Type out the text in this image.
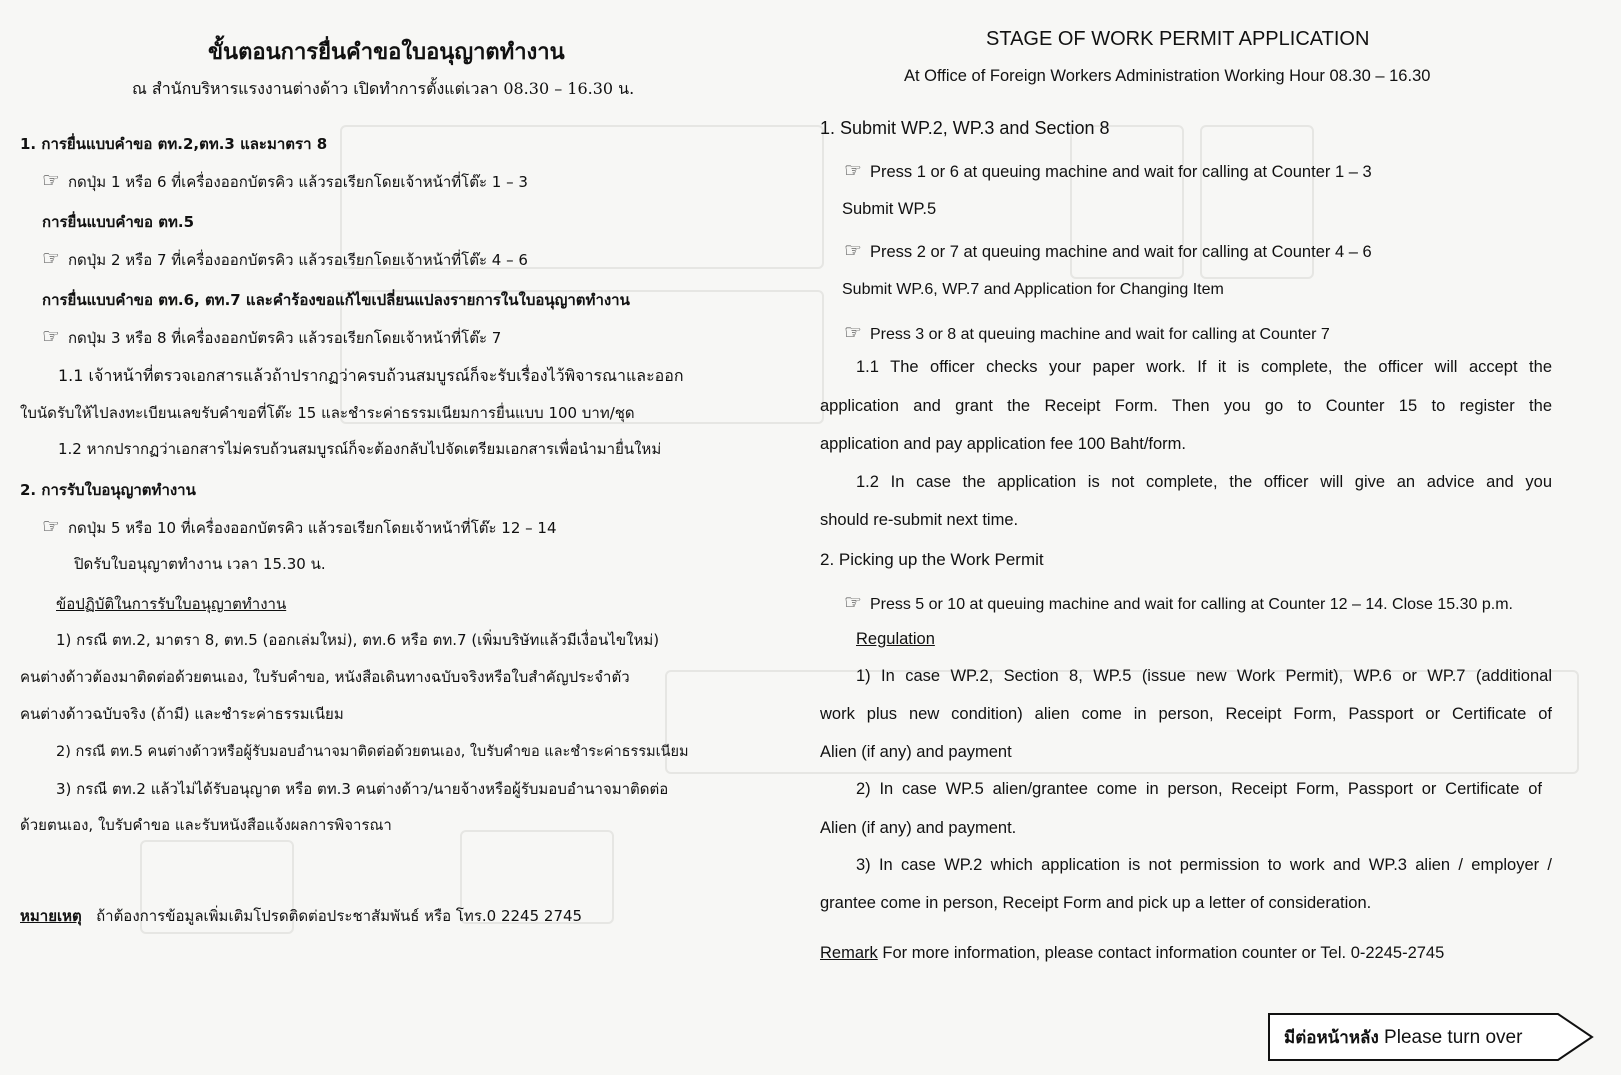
ขั้นตอนการยื่นคำขอใบอนุญาตทำงาน
ณ สำนักบริหารแรงงานต่างด้าว เปิดทำการตั้งแต่เวลา 08.30 – 16.30 น.
1. การยื่นแบบคำขอ ตท.2,ตท.3 และมาตรา 8
☞ กดปุ่ม 1 หรือ 6 ที่เครื่องออกบัตรคิว แล้วรอเรียกโดยเจ้าหน้าที่โต๊ะ 1 – 3
การยื่นแบบคำขอ ตท.5
☞ กดปุ่ม 2 หรือ 7 ที่เครื่องออกบัตรคิว แล้วรอเรียกโดยเจ้าหน้าที่โต๊ะ 4 – 6
การยื่นแบบคำขอ ตท.6, ตท.7 และคำร้องขอแก้ไขเปลี่ยนแปลงรายการในใบอนุญาตทำงาน
☞ กดปุ่ม 3 หรือ 8 ที่เครื่องออกบัตรคิว แล้วรอเรียกโดยเจ้าหน้าที่โต๊ะ 7
1.1 เจ้าหน้าที่ตรวจเอกสารแล้วถ้าปรากฏว่าครบถ้วนสมบูรณ์ก็จะรับเรื่องไว้พิจารณาและออก
ใบนัดรับให้ไปลงทะเบียนเลขรับคำขอที่โต๊ะ 15 และชำระค่าธรรมเนียมการยื่นแบบ 100 บาท/ชุด
1.2 หากปรากฏว่าเอกสารไม่ครบถ้วนสมบูรณ์ก็จะต้องกลับไปจัดเตรียมเอกสารเพื่อนำมายื่นใหม่
2. การรับใบอนุญาตทำงาน
☞ กดปุ่ม 5 หรือ 10 ที่เครื่องออกบัตรคิว แล้วรอเรียกโดยเจ้าหน้าที่โต๊ะ 12 – 14
ปิดรับใบอนุญาตทำงาน เวลา 15.30 น.
ข้อปฏิบัติในการรับใบอนุญาตทำงาน
1) กรณี ตท.2, มาตรา 8, ตท.5 (ออกเล่มใหม่), ตท.6 หรือ ตท.7 (เพิ่มบริษัทแล้วมีเงื่อนไขใหม่)
คนต่างด้าวต้องมาติดต่อด้วยตนเอง, ใบรับคำขอ, หนังสือเดินทางฉบับจริงหรือใบสำคัญประจำตัว
คนต่างด้าวฉบับจริง (ถ้ามี) และชำระค่าธรรมเนียม
2) กรณี ตท.5 คนต่างด้าวหรือผู้รับมอบอำนาจมาติดต่อด้วยตนเอง, ใบรับคำขอ และชำระค่าธรรมเนียม
3) กรณี ตท.2 แล้วไม่ได้รับอนุญาต หรือ ตท.3 คนต่างด้าว/นายจ้างหรือผู้รับมอบอำนาจมาติดต่อ
ด้วยตนเอง, ใบรับคำขอ และรับหนังสือแจ้งผลการพิจารณา
หมายเหตุ ถ้าต้องการข้อมูลเพิ่มเติมโปรดติดต่อประชาสัมพันธ์ หรือ โทร.0 2245 2745
STAGE OF WORK PERMIT APPLICATION
At Office of Foreign Workers Administration Working Hour 08.30 – 16.30
1. Submit WP.2, WP.3 and Section 8
☞ Press 1 or 6 at queuing machine and wait for calling at Counter 1 – 3
Submit WP.5
☞ Press 2 or 7 at queuing machine and wait for calling at Counter 4 – 6
Submit WP.6, WP.7 and Application for Changing Item
☞ Press 3 or 8 at queuing machine and wait for calling at Counter 7
1.1 The officer checks your paper work. If it is complete, the officer will accept the
application and grant the Receipt Form. Then you go to Counter 15 to register the
application and pay application fee 100 Baht/form.
1.2 In case the application is not complete, the officer will give an advice and you
should re-submit next time.
2. Picking up the Work Permit
☞ Press 5 or 10 at queuing machine and wait for calling at Counter 12 – 14. Close 15.30 p.m.
Regulation
1) In case WP.2, Section 8, WP.5 (issue new Work Permit), WP.6 or WP.7 (additional
work plus new condition) alien come in person, Receipt Form, Passport or Certificate of
Alien (if any) and payment
2) In case WP.5 alien/grantee come in person, Receipt Form, Passport or Certificate of
Alien (if any) and payment.
3) In case WP.2 which application is not permission to work and WP.3 alien / employer /
grantee come in person, Receipt Form and pick up a letter of consideration.
Remark For more information, please contact information counter or Tel. 0-2245-2745
มีต่อหน้าหลัง Please turn over
